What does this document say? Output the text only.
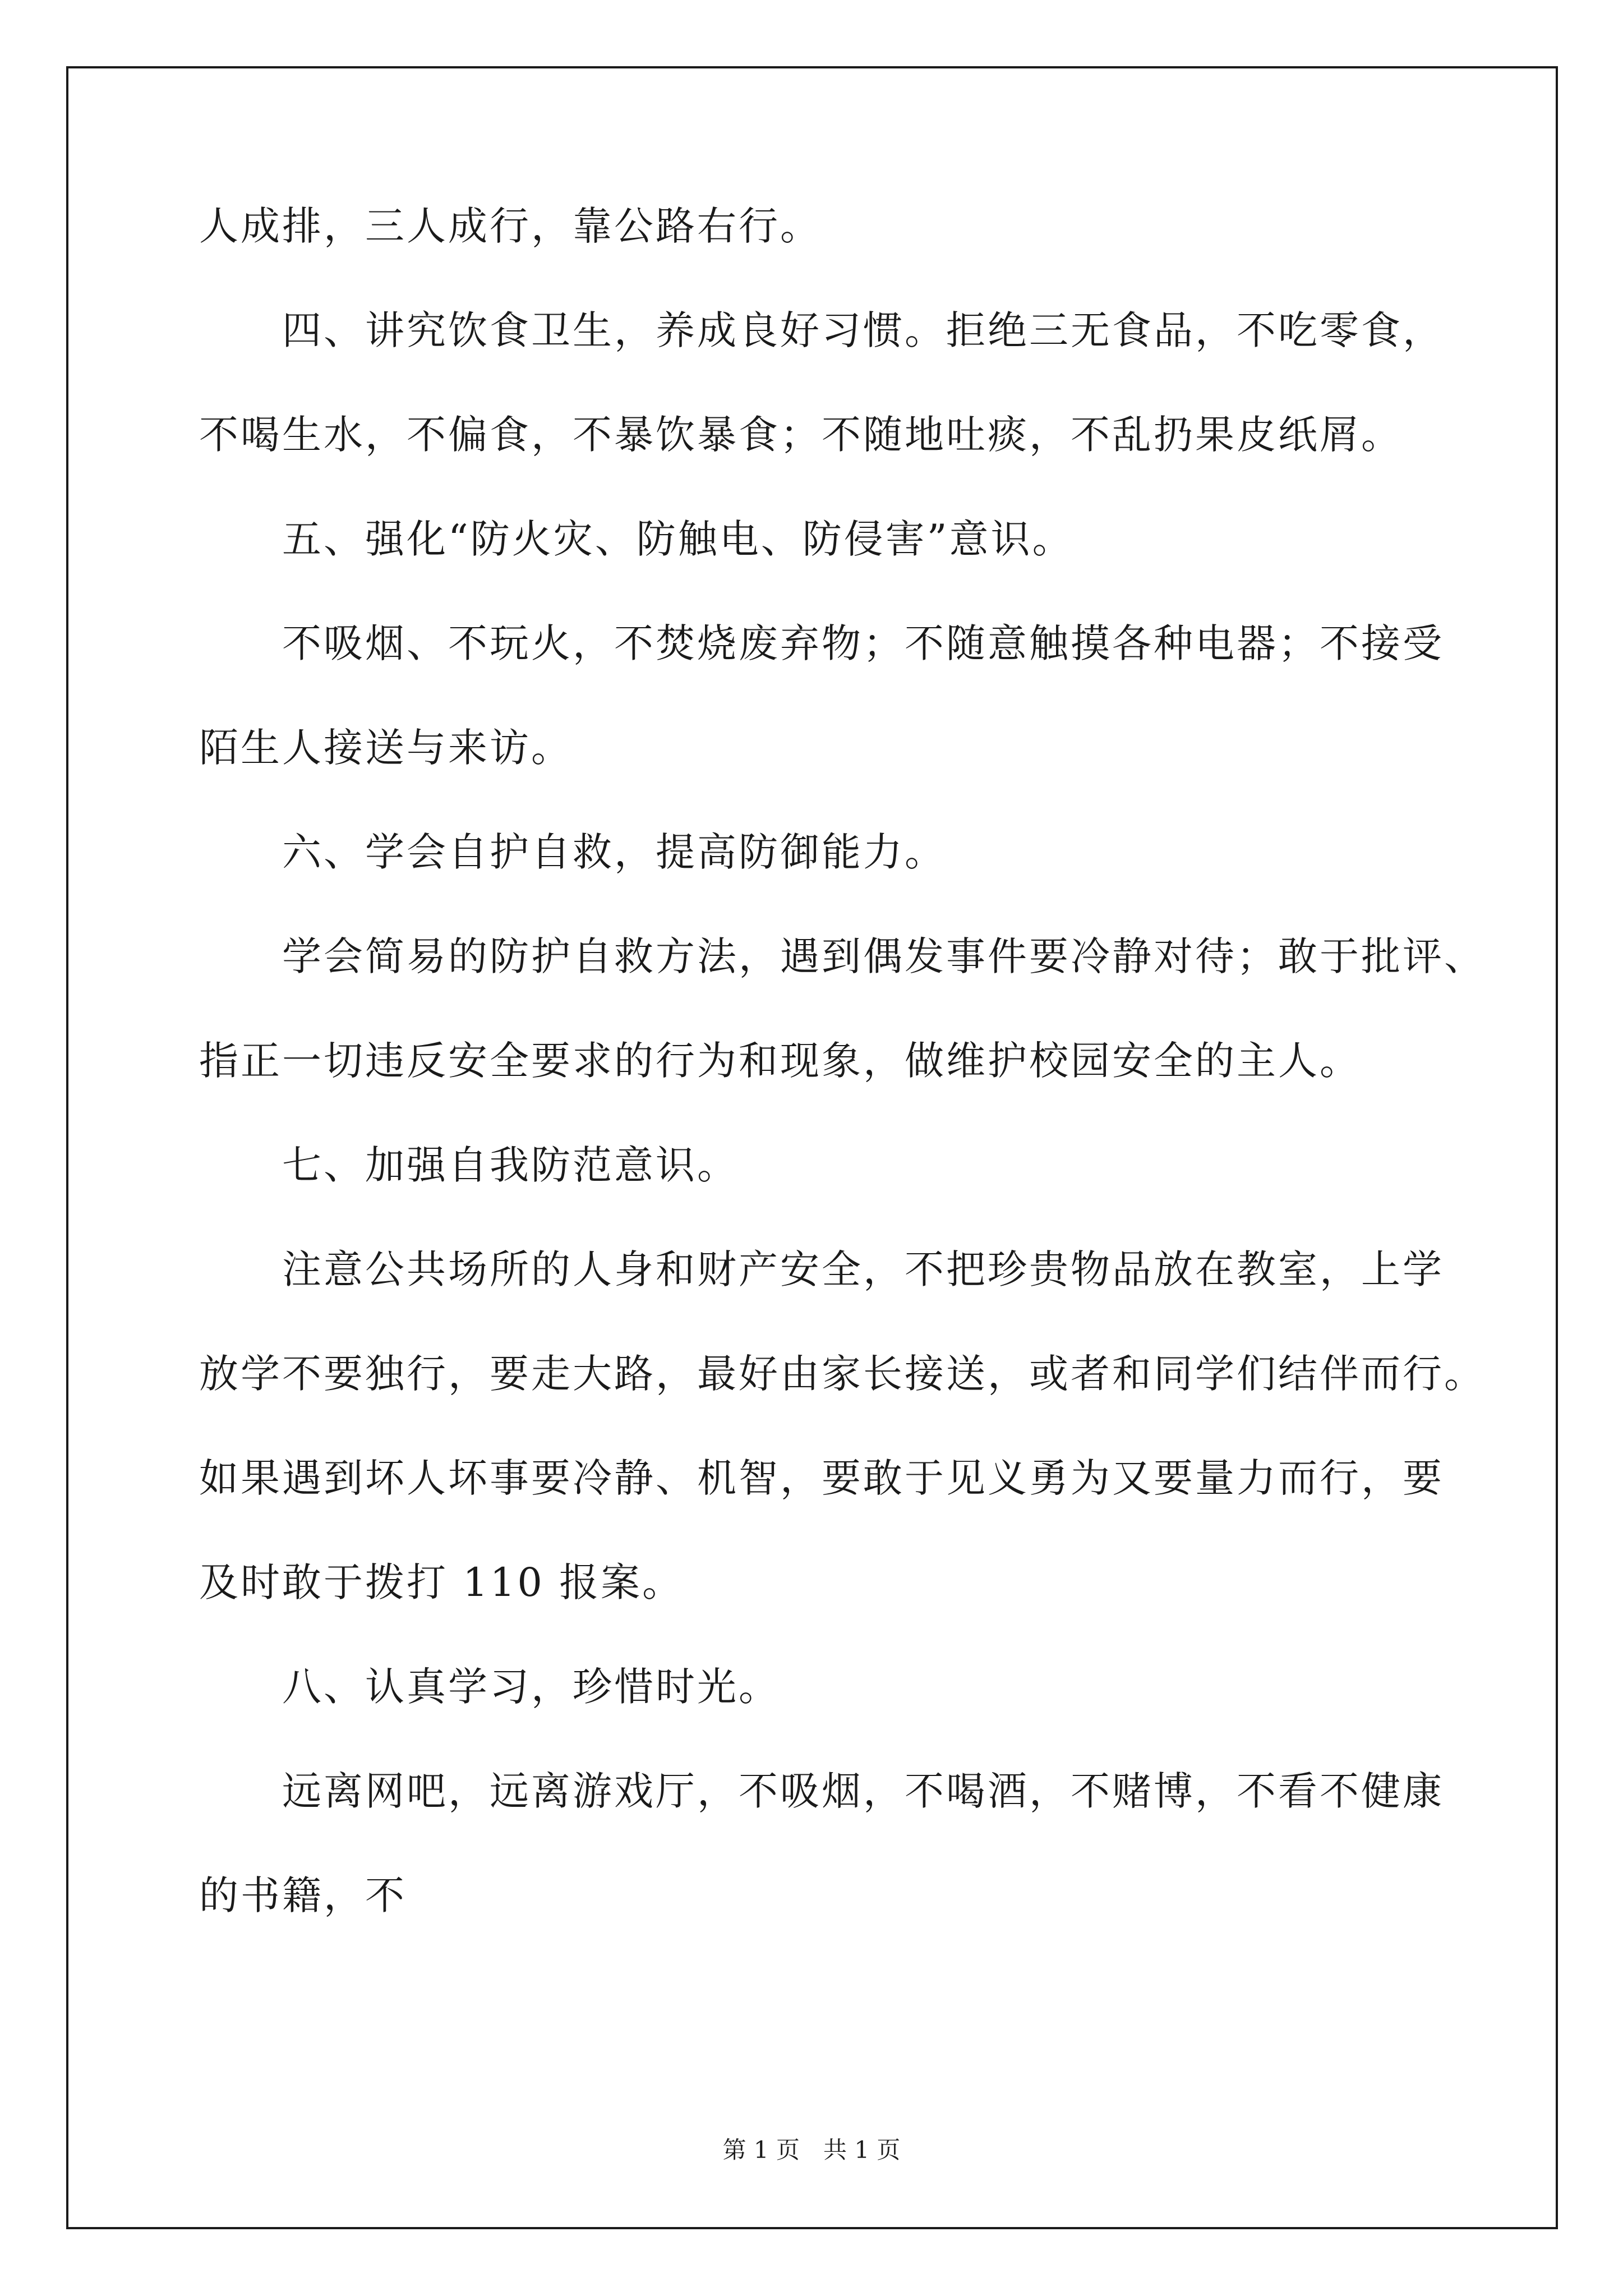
人成排，三人成行，靠公路右行。
　　四、讲究饮食卫生，养成良好习惯。拒绝三无食品，不吃零食，
不喝生水，不偏食，不暴饮暴食；不随地吐痰，不乱扔果皮纸屑。
　　五、强化“防火灾、防触电、防侵害”意识。
　　不吸烟、不玩火，不焚烧废弃物；不随意触摸各种电器；不接受
陌生人接送与来访。
　　六、学会自护自救，提高防御能力。
　　学会简易的防护自救方法，遇到偶发事件要冷静对待；敢于批评、
指正一切违反安全要求的行为和现象，做维护校园安全的主人。
　　七、加强自我防范意识。
　　注意公共场所的人身和财产安全，不把珍贵物品放在教室，上学
放学不要独行，要走大路，最好由家长接送，或者和同学们结伴而行。
如果遇到坏人坏事要冷静、机智，要敢于见义勇为又要量力而行，要
及时敢于拨打 110 报案。
　　八、认真学习，珍惜时光。
　　远离网吧，远离游戏厅，不吸烟，不喝酒，不赌博，不看不健康
的书籍，不
第 1 页　共 1 页
